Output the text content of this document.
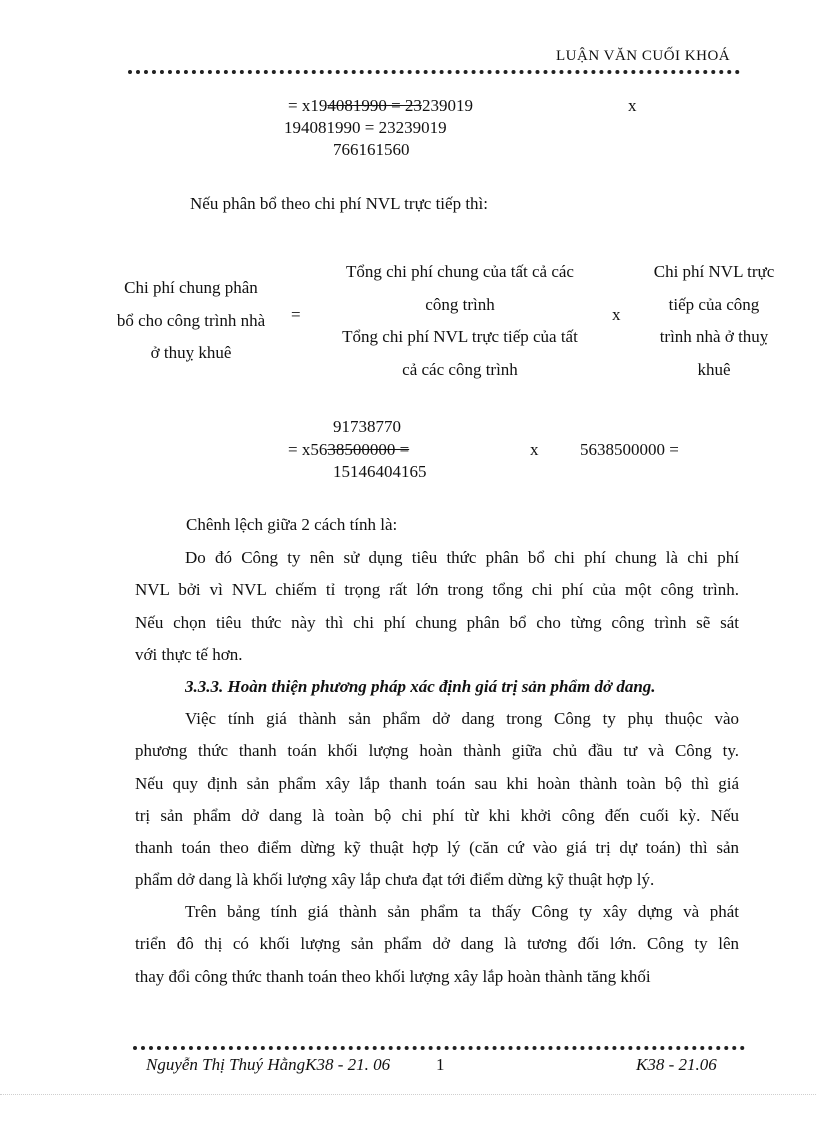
LUẬN VĂN CUỐI KHOÁ
= x194081990 = 23239019	x
194081990 = 23239019
766161560
Nếu phân bổ theo chi phí NVL trực tiếp thì:
Chi phí chung phân
bổ cho công trình nhà
ở thuỵ khuê
=
Tổng chi phí chung của tất cả các
công trình
Tổng chi phí NVL trực tiếp của tất
cả các công trình
x
Chi phí NVL trực
tiếp của công
trình nhà ở thuỵ
khuê
91738770
= x5638500000 =	x 5638500000 =
15146404165
Chênh lệch giữa 2 cách tính là:
Do đó Công ty nên sử dụng tiêu thức phân bổ chi phí chung là chi phí
NVL bởi vì NVL chiếm tỉ trọng rất lớn trong tổng chi phí của một công trình.
Nếu chọn tiêu thức này thì chi phí chung phân bổ cho từng công trình sẽ sát
với thực tế hơn.
3.3.3. Hoàn thiện phương pháp xác định giá trị sản phẩm dở dang.
Việc tính giá thành sản phẩm dở dang trong Công ty phụ thuộc vào
phương thức thanh toán khối lượng hoàn thành giữa chủ đầu tư và Công ty.
Nếu quy định sản phẩm xây lắp thanh toán sau khi hoàn thành toàn bộ thì giá
trị sản phẩm dở dang là toàn bộ chi phí từ khi khởi công đến cuối kỳ. Nếu
thanh toán theo điểm dừng kỹ thuật hợp lý (căn cứ vào giá trị dự toán) thì sản
phẩm dở dang là khối lượng xây lắp chưa đạt tới điểm dừng kỹ thuật hợp lý.
Trên bảng tính giá thành sản phẩm ta thấy Công ty xây dựng và phát
triển đô thị có khối lượng sản phẩm dở dang là tương đối lớn. Công ty lên
thay đổi công thức thanh toán theo khối lượng xây lắp hoàn thành tăng khối
Nguyễn Thị Thuý HằngK38 - 21. 06	1	K38 - 21.06
